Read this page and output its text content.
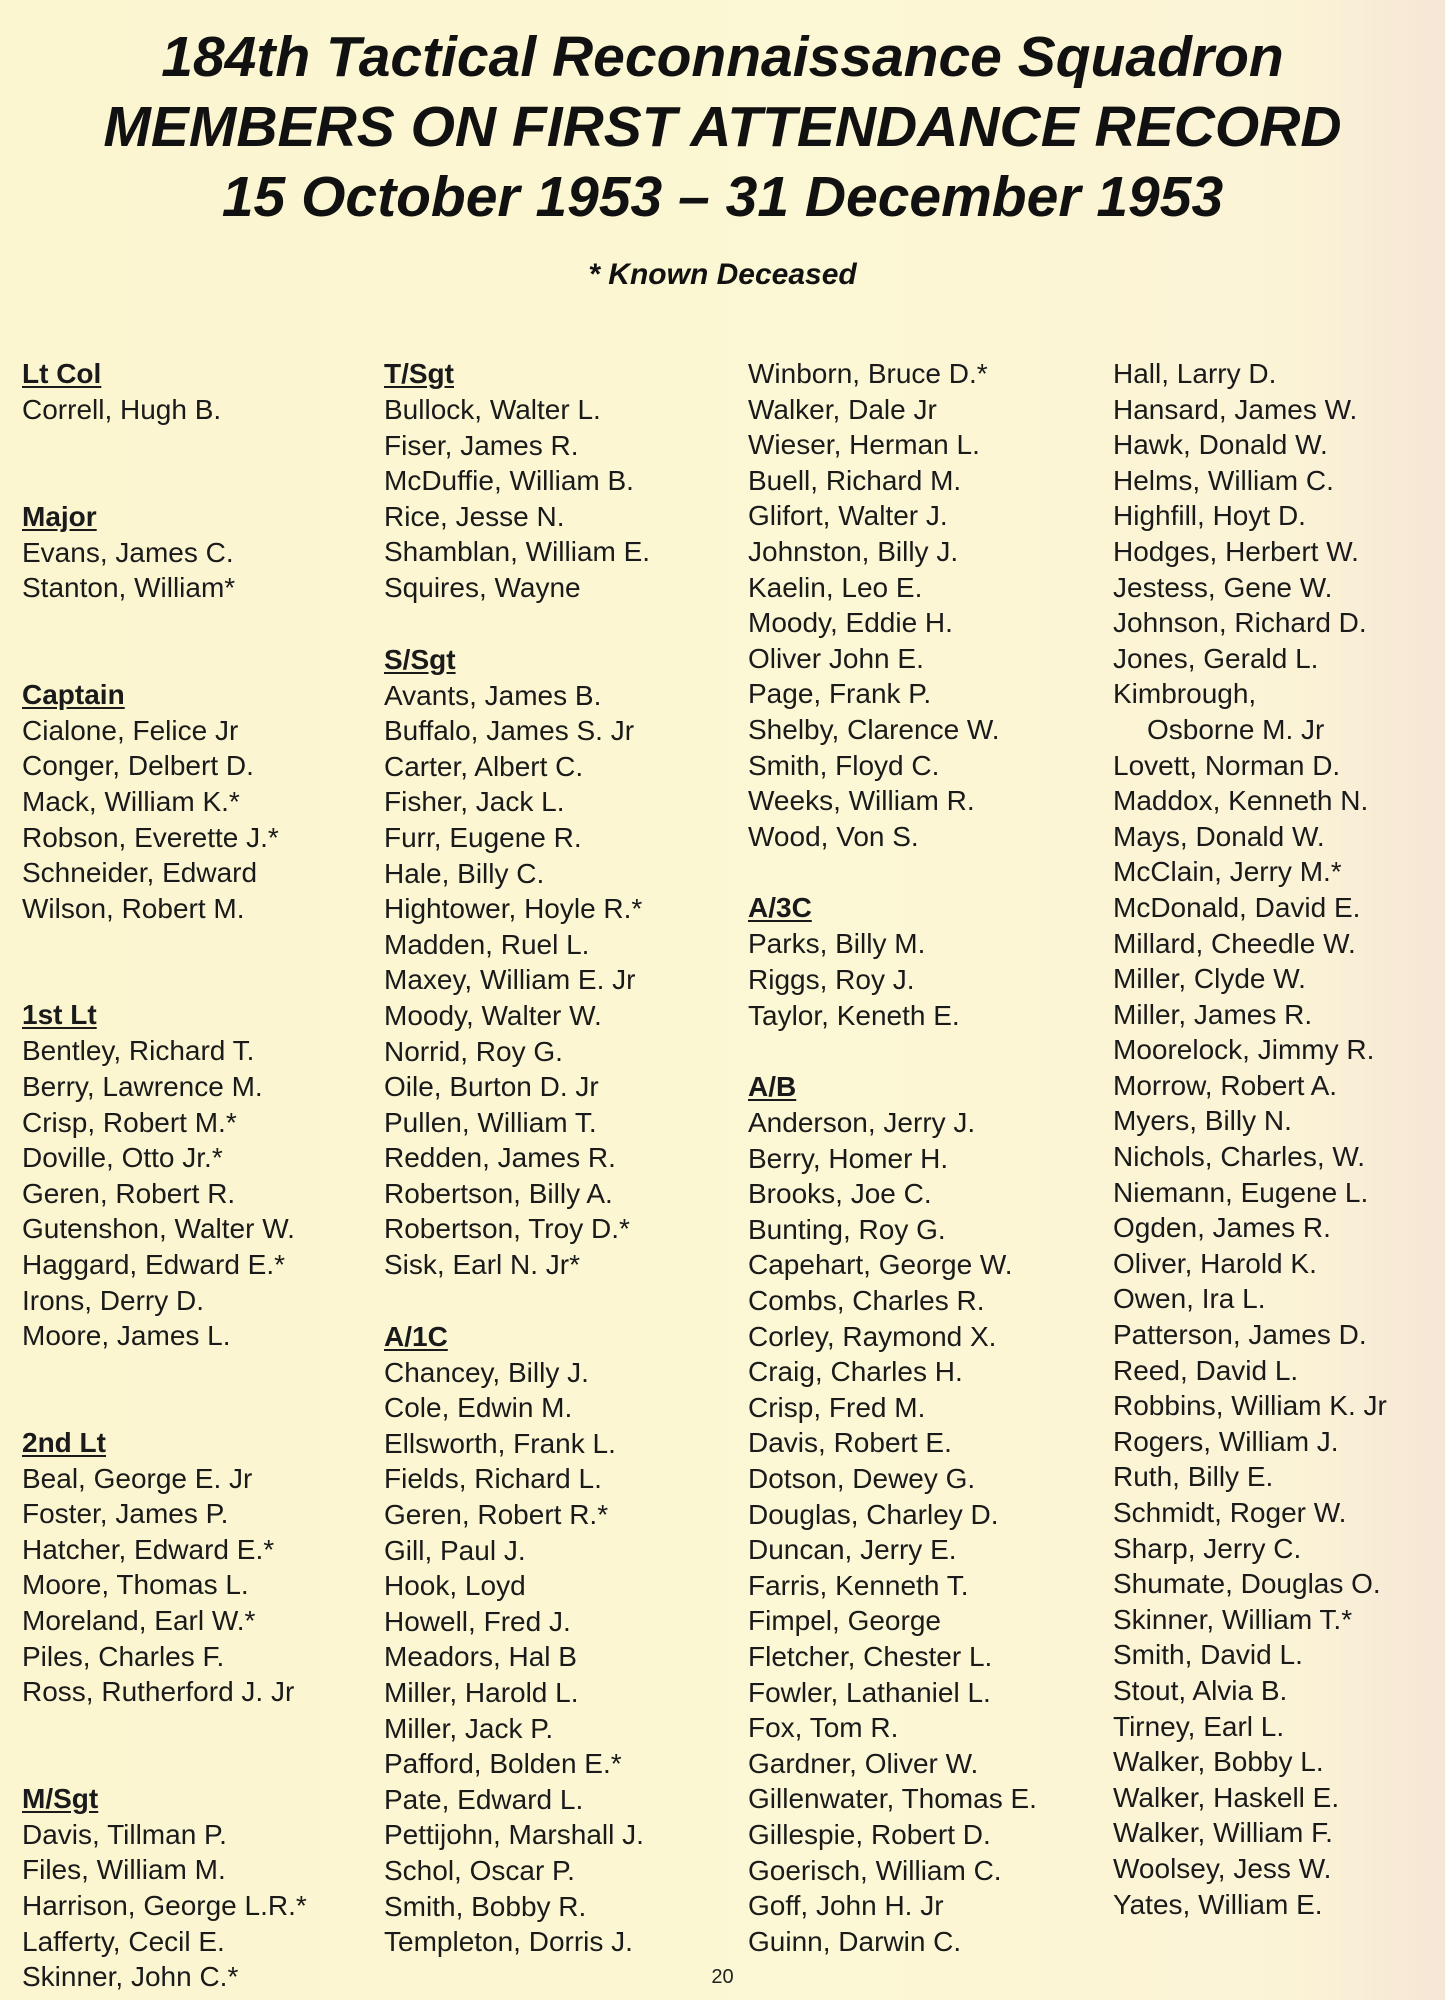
184th Tactical Reconnaissance Squadron
MEMBERS ON FIRST ATTENDANCE RECORD
15 October 1953 – 31 December 1953
* Known Deceased
Lt Col
Correll, Hugh B.
Major
Evans, James C.
Stanton, William*
Captain
Cialone, Felice Jr
Conger, Delbert D.
Mack, William K.*
Robson, Everette J.*
Schneider, Edward
Wilson, Robert M.
1st Lt
Bentley, Richard T.
Berry, Lawrence M.
Crisp, Robert M.*
Doville, Otto Jr.*
Geren, Robert R.
Gutenshon, Walter W.
Haggard, Edward E.*
Irons, Derry D.
Moore, James L.
2nd Lt
Beal, George E. Jr
Foster, James P.
Hatcher, Edward E.*
Moore, Thomas L.
Moreland, Earl W.*
Piles, Charles F.
Ross, Rutherford J. Jr
M/Sgt
Davis, Tillman P.
Files, William M.
Harrison, George L.R.*
Lafferty, Cecil E.
Skinner, John C.*
T/Sgt
Bullock, Walter L.
Fiser, James R.
McDuffie, William B.
Rice, Jesse N.
Shamblan, William E.
Squires, Wayne
S/Sgt
Avants, James B.
Buffalo, James S. Jr
Carter, Albert C.
Fisher, Jack L.
Furr, Eugene R.
Hale, Billy C.
Hightower, Hoyle R.*
Madden, Ruel L.
Maxey, William E. Jr
Moody, Walter W.
Norrid, Roy G.
Oile, Burton D. Jr
Pullen, William T.
Redden, James R.
Robertson, Billy A.
Robertson, Troy D.*
Sisk, Earl N. Jr*
A/1C
Chancey, Billy J.
Cole, Edwin M.
Ellsworth, Frank L.
Fields, Richard L.
Geren, Robert R.*
Gill, Paul J.
Hook, Loyd
Howell, Fred J.
Meadors, Hal B
Miller, Harold L.
Miller, Jack P.
Pafford, Bolden E.*
Pate, Edward L.
Pettijohn, Marshall J.
Schol, Oscar P.
Smith, Bobby R.
Templeton, Dorris J.
Winborn, Bruce D.*
Walker, Dale Jr
Wieser, Herman L.
Buell, Richard M.
Glifort, Walter J.
Johnston, Billy J.
Kaelin, Leo E.
Moody, Eddie H.
Oliver John E.
Page, Frank P.
Shelby, Clarence W.
Smith, Floyd C.
Weeks, William R.
Wood, Von S.
A/3C
Parks, Billy M.
Riggs, Roy J.
Taylor, Keneth E.
A/B
Anderson, Jerry J.
Berry, Homer H.
Brooks, Joe C.
Bunting, Roy G.
Capehart, George W.
Combs, Charles R.
Corley, Raymond X.
Craig, Charles H.
Crisp, Fred M.
Davis, Robert E.
Dotson, Dewey G.
Douglas, Charley D.
Duncan, Jerry E.
Farris, Kenneth T.
Fimpel, George
Fletcher, Chester L.
Fowler, Lathaniel L.
Fox, Tom R.
Gardner, Oliver W.
Gillenwater, Thomas E.
Gillespie, Robert D.
Goerisch, William C.
Goff, John H. Jr
Guinn, Darwin C.
Hall, Larry D.
Hansard, James W.
Hawk, Donald W.
Helms, William C.
Highfill, Hoyt D.
Hodges, Herbert W.
Jestess, Gene W.
Johnson, Richard D.
Jones, Gerald L.
Kimbrough,
Osborne M. Jr
Lovett, Norman D.
Maddox, Kenneth N.
Mays, Donald W.
McClain, Jerry M.*
McDonald, David E.
Millard, Cheedle W.
Miller, Clyde W.
Miller, James R.
Moorelock, Jimmy R.
Morrow, Robert A.
Myers, Billy N.
Nichols, Charles, W.
Niemann, Eugene L.
Ogden, James R.
Oliver, Harold K.
Owen, Ira L.
Patterson, James D.
Reed, David L.
Robbins, William K. Jr
Rogers, William J.
Ruth, Billy E.
Schmidt, Roger W.
Sharp, Jerry C.
Shumate, Douglas O.
Skinner, William T.*
Smith, David L.
Stout, Alvia B.
Tirney, Earl L.
Walker, Bobby L.
Walker, Haskell E.
Walker, William F.
Woolsey, Jess W.
Yates, William E.
20
